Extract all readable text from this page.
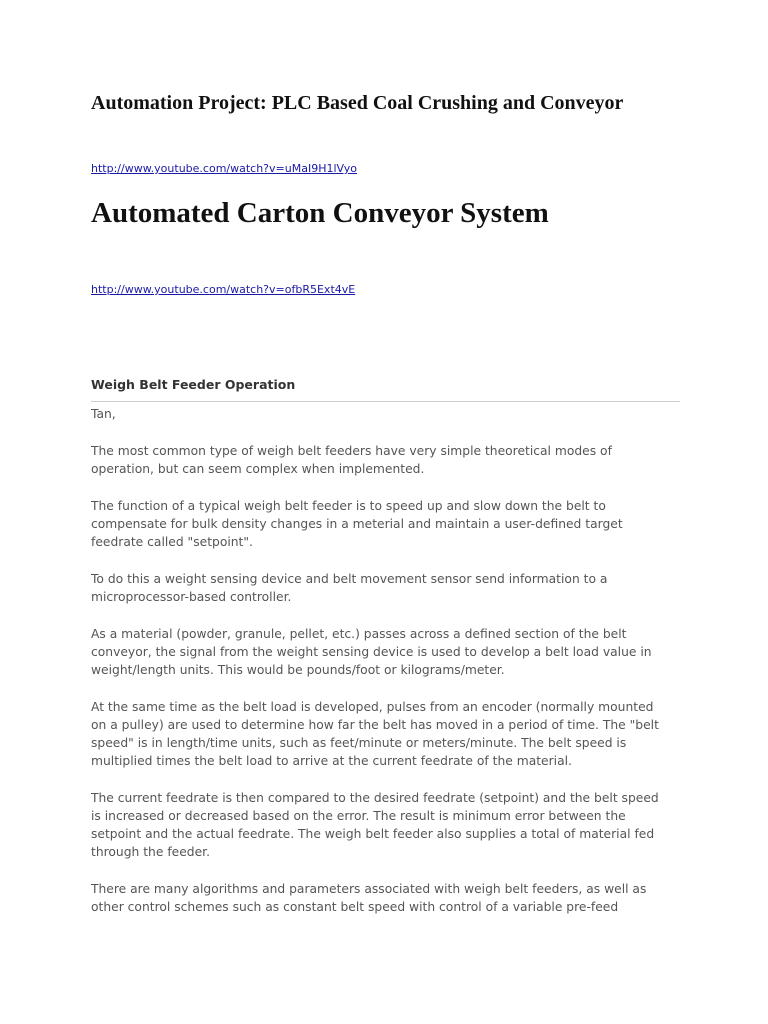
Automation Project: PLC Based Coal Crushing and Conveyor
http://www.youtube.com/watch?v=uMaI9H1lVyo
Automated Carton Conveyor System
http://www.youtube.com/watch?v=ofbR5Ext4vE
Weigh Belt Feeder Operation

Tan,

The most common type of weigh belt feeders have very simple theoretical modes of
operation, but can seem complex when implemented.

The function of a typical weigh belt feeder is to speed up and slow down the belt to
compensate for bulk density changes in a meterial and maintain a user-defined target
feedrate called "setpoint".

To do this a weight sensing device and belt movement sensor send information to a
microprocessor-based controller.

As a material (powder, granule, pellet, etc.) passes across a defined section of the belt
conveyor, the signal from the weight sensing device is used to develop a belt load value in
weight/length units. This would be pounds/foot or kilograms/meter.

At the same time as the belt load is developed, pulses from an encoder (normally mounted
on a pulley) are used to determine how far the belt has moved in a period of time. The "belt
speed" is in length/time units, such as feet/minute or meters/minute. The belt speed is
multiplied times the belt load to arrive at the current feedrate of the material.

The current feedrate is then compared to the desired feedrate (setpoint) and the belt speed
is increased or decreased based on the error. The result is minimum error between the
setpoint and the actual feedrate. The weigh belt feeder also supplies a total of material fed
through the feeder.

There are many algorithms and parameters associated with weigh belt feeders, as well as
other control schemes such as constant belt speed with control of a variable pre-feed
